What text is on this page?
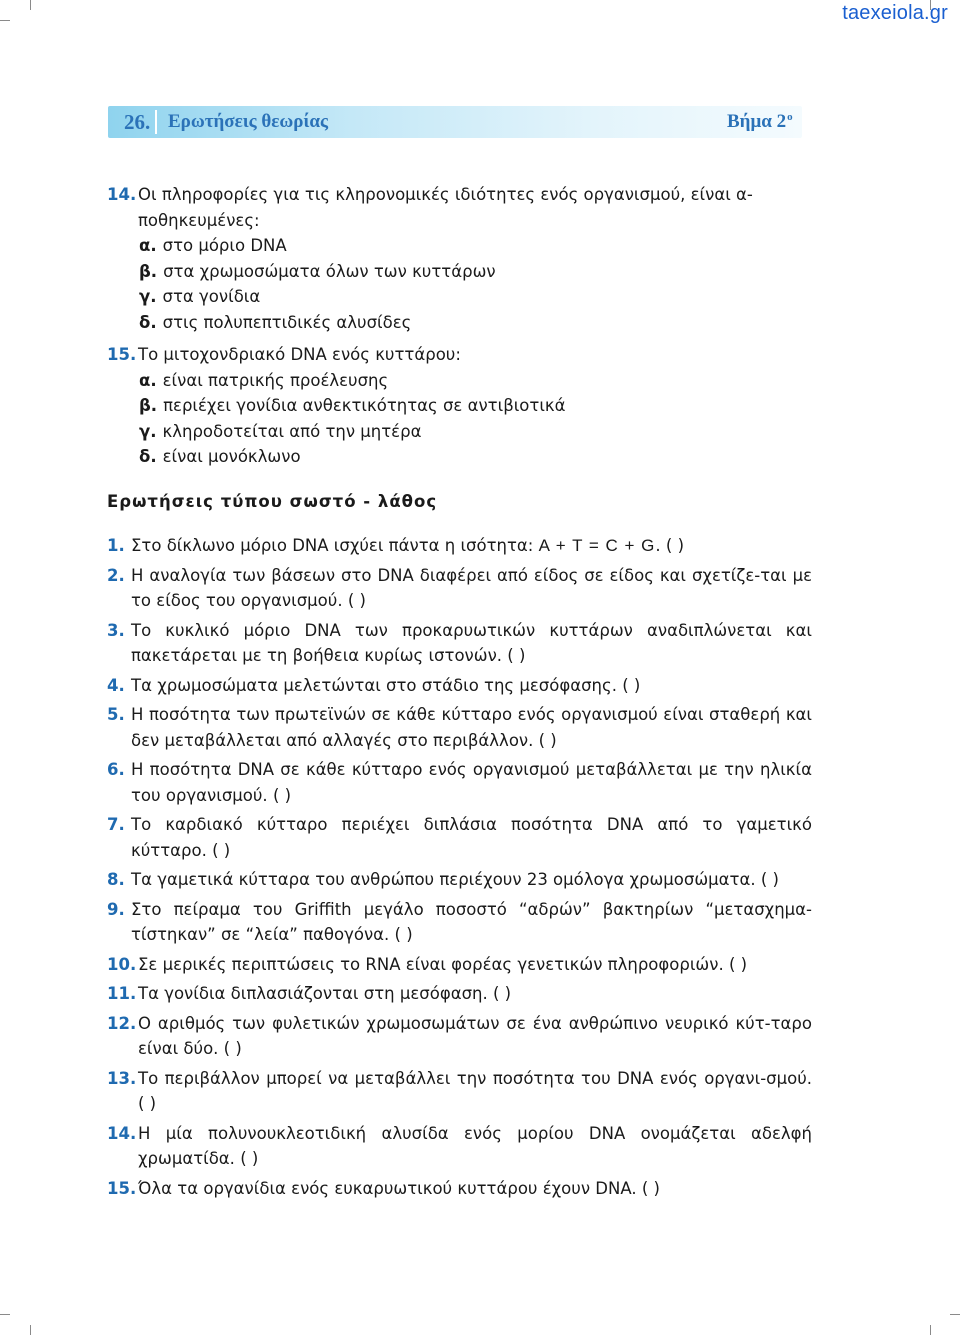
taexeiola.gr
26. Ερωτήσεις θεωρίας	Βήμα $2^o$
14. Οι πληροφορίες για τις κληρονομικές ιδιότητες ενός οργανισμού, είναι α-ποθηκευμένες:
α. στο μόριο DNA
β. στα χρωμοσώματα όλων των κυττάρων
γ. στα γονίδια
δ. στις πολυπεπτιδικές αλυσίδες
15. Το μιτοχονδριακό DNA ενός κυττάρου:
α. είναι πατρικής προέλευσης
β. περιέχει γονίδια ανθεκτικότητας σε αντιβιοτικά
γ. κληροδοτείται από την μητέρα
δ. είναι μονόκλωνο
Ερωτήσεις τύπου σωστό - λάθος
1. Στο δίκλωνο μόριο DNA ισχύει πάντα η ισότητα: A + T = C + G. ( )
2. Η αναλογία των βάσεων στο DNA διαφέρει από είδος σε είδος και σχετίζε-ται με το είδος του οργανισμού. ( )
3. Το κυκλικό μόριο DNA των προκαρυωτικών κυττάρων αναδιπλώνεται και πακετάρεται με τη βοήθεια κυρίως ιστονών. ( )
4. Τα χρωμοσώματα μελετώνται στο στάδιο της μεσόφασης. ( )
5. Η ποσότητα των πρωτεϊνών σε κάθε κύτταρο ενός οργανισμού είναι σταθερή και δεν μεταβάλλεται από αλλαγές στο περιβάλλον. ( )
6. Η ποσότητα DNA σε κάθε κύτταρο ενός οργανισμού μεταβάλλεται με την ηλικία του οργανισμού. ( )
7. Το καρδιακό κύτταρο περιέχει διπλάσια ποσότητα DNA από το γαμετικό κύτταρο. ( )
8. Τα γαμετικά κύτταρα του ανθρώπου περιέχουν 23 ομόλογα χρωμοσώματα. ( )
9. Στο πείραμα του Griffith μεγάλο ποσοστό “αδρών” βακτηρίων “μετασχημα-τίστηκαν” σε “λεία” παθογόνα. ( )
10. Σε μερικές περιπτώσεις το RNA είναι φορέας γενετικών πληροφοριών. ( )
11. Τα γονίδια διπλασιάζονται στη μεσόφαση. ( )
12. Ο αριθμός των φυλετικών χρωμοσωμάτων σε ένα ανθρώπινο νευρικό κύτ-ταρο είναι δύο. ( )
13. Το περιβάλλον μπορεί να μεταβάλλει την ποσότητα του DNA ενός οργανι-σμού. ( )
14. Η μία πολυνουκλεοτιδική αλυσίδα ενός μορίου DNA ονομάζεται αδελφή χρωματίδα. ( )
15. Όλα τα οργανίδια ενός ευκαρυωτικού κυττάρου έχουν DNA. ( )
